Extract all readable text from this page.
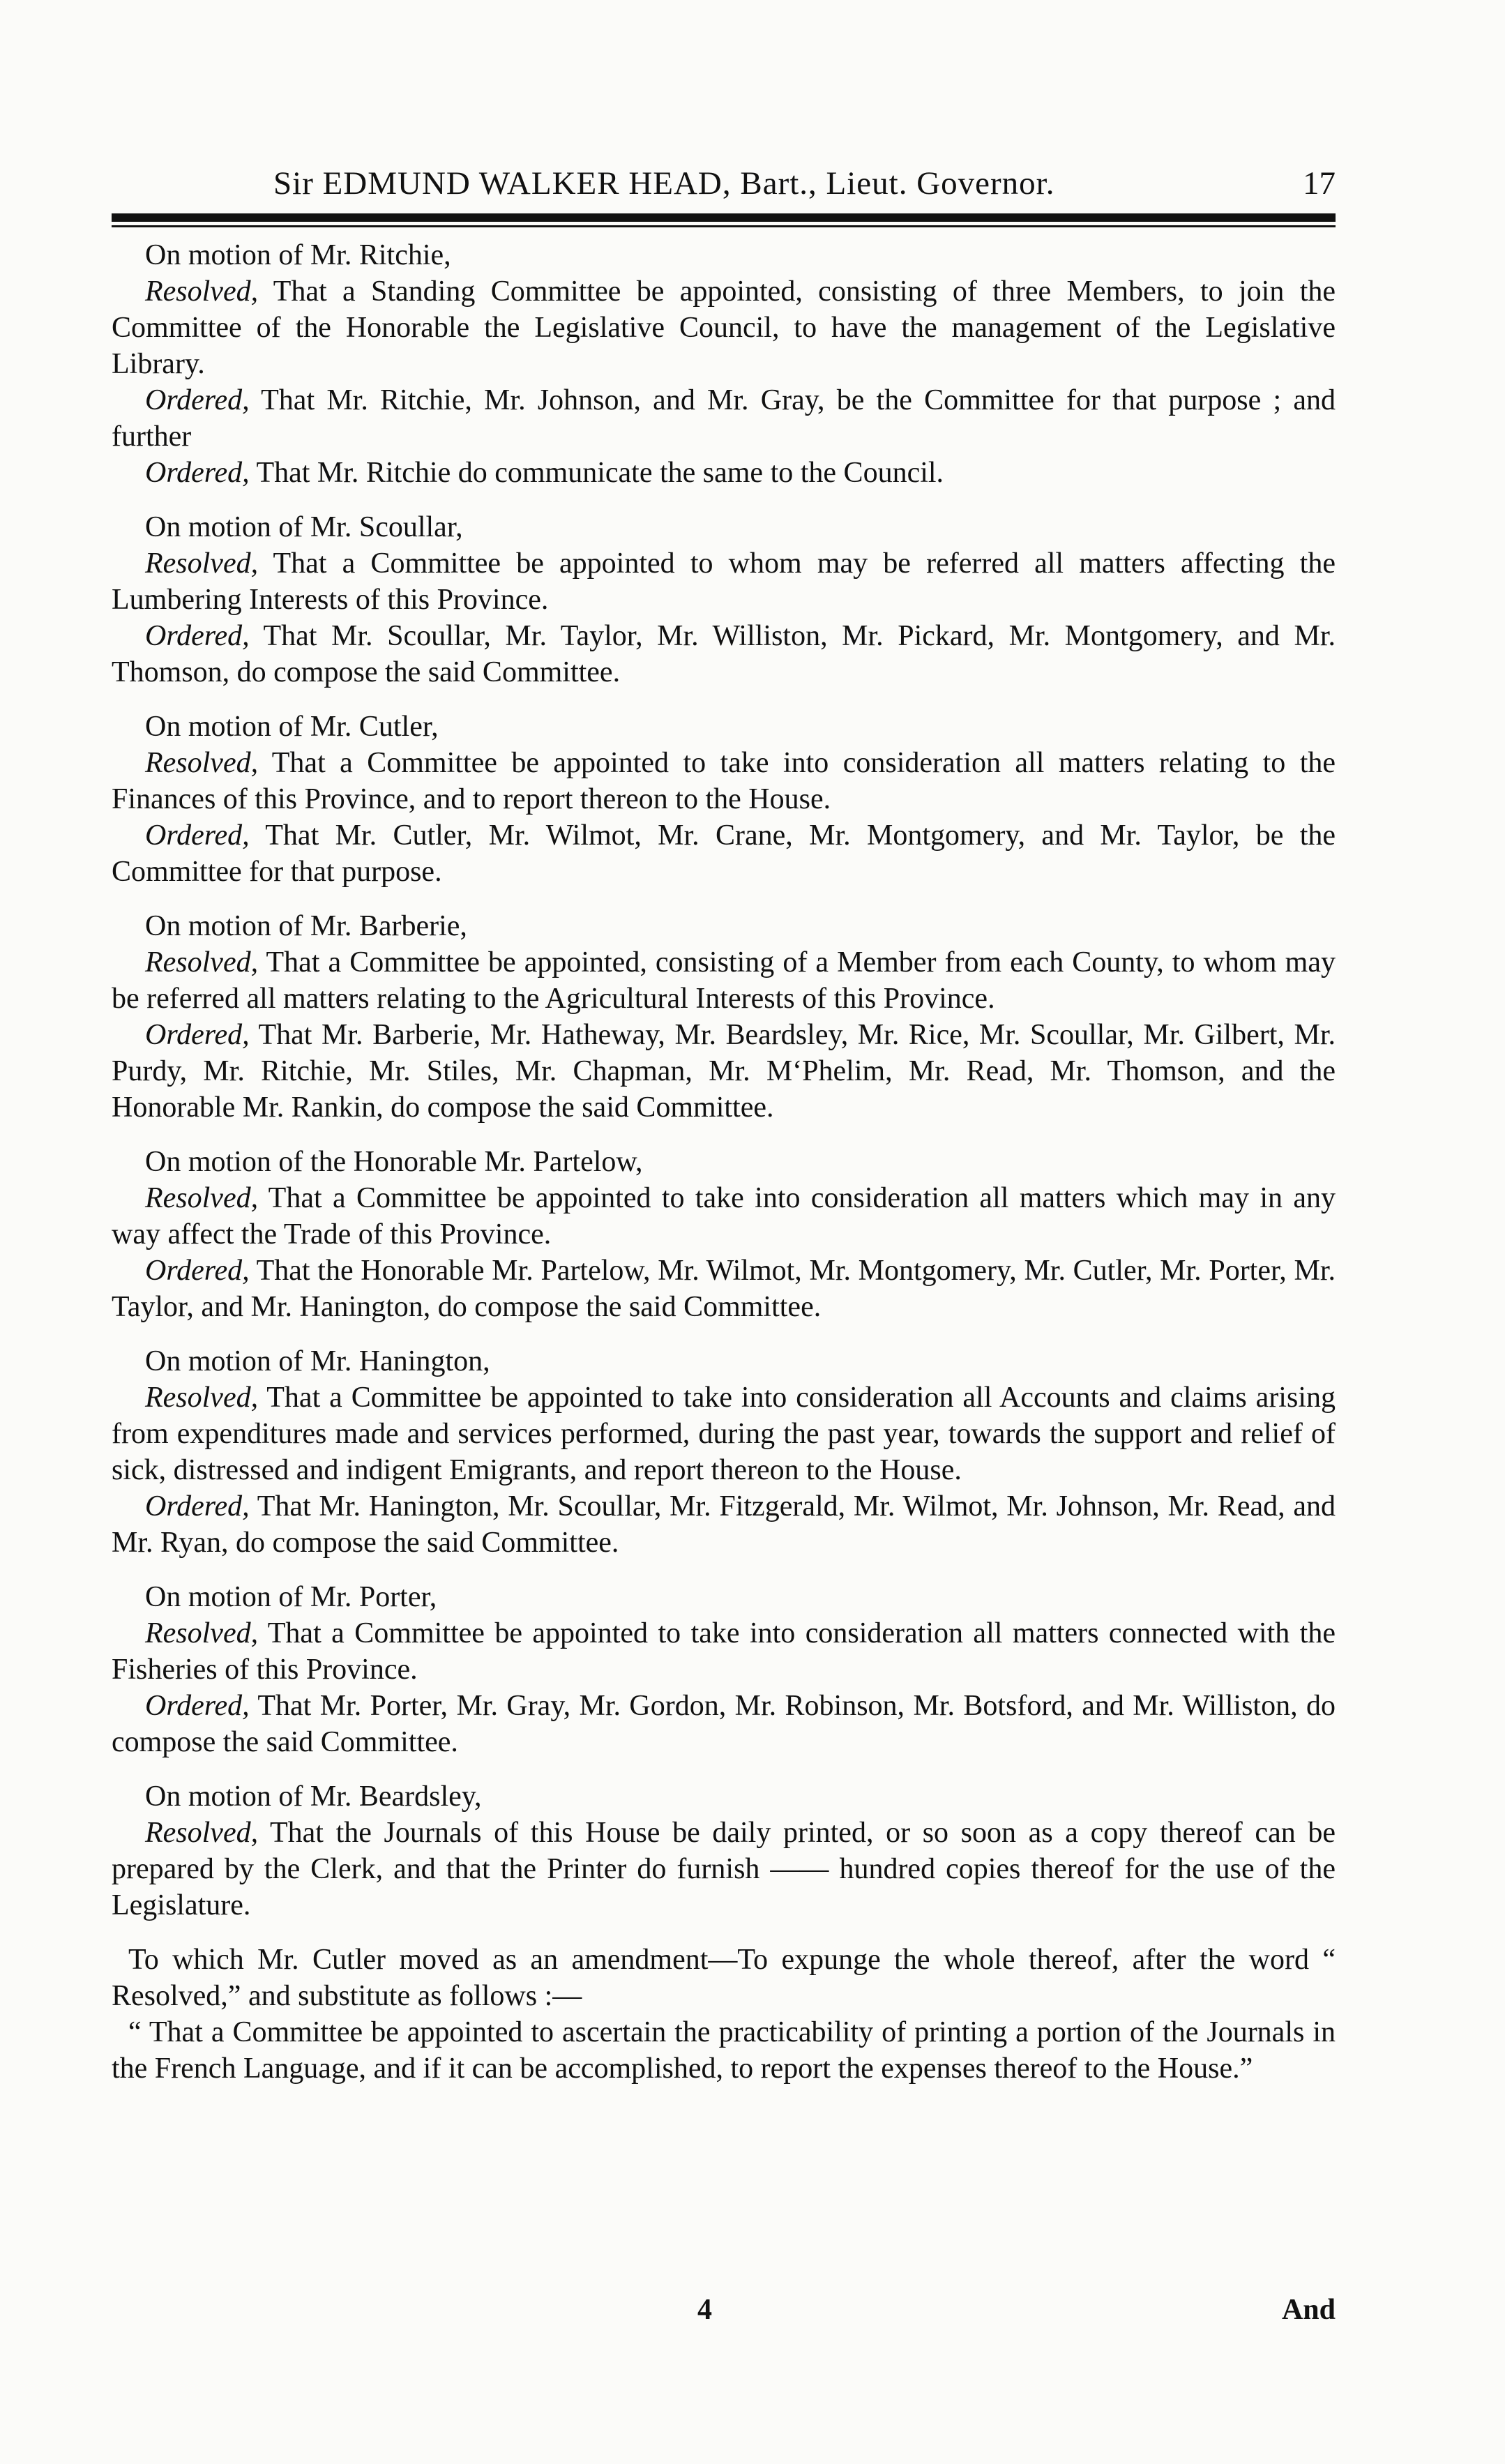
Sir EDMUND WALKER HEAD, Bart., Lieut. Governor.	17

On motion of Mr. Ritchie,

Resolved, That a Standing Committee be appointed, consisting of three Members, to join the Committee of the Honorable the Legislative Council, to have the management of the Legislative Library.

Ordered, That Mr. Ritchie, Mr. Johnson, and Mr. Gray, be the Committee for that purpose ; and further

Ordered, That Mr. Ritchie do communicate the same to the Council.

On motion of Mr. Scoullar,

Resolved, That a Committee be appointed to whom may be referred all matters affecting the Lumbering Interests of this Province.

Ordered, That Mr. Scoullar, Mr. Taylor, Mr. Williston, Mr. Pickard, Mr. Montgomery, and Mr. Thomson, do compose the said Committee.

On motion of Mr. Cutler,

Resolved, That a Committee be appointed to take into consideration all matters relating to the Finances of this Province, and to report thereon to the House.

Ordered, That Mr. Cutler, Mr. Wilmot, Mr. Crane, Mr. Montgomery, and Mr. Taylor, be the Committee for that purpose.

On motion of Mr. Barberie,

Resolved, That a Committee be appointed, consisting of a Member from each County, to whom may be referred all matters relating to the Agricultural Interests of this Province.

Ordered, That Mr. Barberie, Mr. Hatheway, Mr. Beardsley, Mr. Rice, Mr. Scoullar, Mr. Gilbert, Mr. Purdy, Mr. Ritchie, Mr. Stiles, Mr. Chapman, Mr. M‘Phelim, Mr. Read, Mr. Thomson, and the Honorable Mr. Rankin, do compose the said Committee.

On motion of the Honorable Mr. Partelow,

Resolved, That a Committee be appointed to take into consideration all matters which may in any way affect the Trade of this Province.

Ordered, That the Honorable Mr. Partelow, Mr. Wilmot, Mr. Montgomery, Mr. Cutler, Mr. Porter, Mr. Taylor, and Mr. Hanington, do compose the said Committee.

On motion of Mr. Hanington,

Resolved, That a Committee be appointed to take into consideration all Accounts and claims arising from expenditures made and services performed, during the past year, towards the support and relief of sick, distressed and indigent Emigrants, and report thereon to the House.

Ordered, That Mr. Hanington, Mr. Scoullar, Mr. Fitzgerald, Mr. Wilmot, Mr. Johnson, Mr. Read, and Mr. Ryan, do compose the said Committee.

On motion of Mr. Porter,

Resolved, That a Committee be appointed to take into consideration all matters connected with the Fisheries of this Province.

Ordered, That Mr. Porter, Mr. Gray, Mr. Gordon, Mr. Robinson, Mr. Botsford, and Mr. Williston, do compose the said Committee.

On motion of Mr. Beardsley,

Resolved, That the Journals of this House be daily printed, or so soon as a copy thereof can be prepared by the Clerk, and that the Printer do furnish —— hundred copies thereof for the use of the Legislature.

To which Mr. Cutler moved as an amendment—To expunge the whole thereof, after the word “ Resolved,” and substitute as follows :—

“ That a Committee be appointed to ascertain the practicability of printing a portion of the Journals in the French Language, and if it can be accomplished, to report the expenses thereof to the House.”

4	And
